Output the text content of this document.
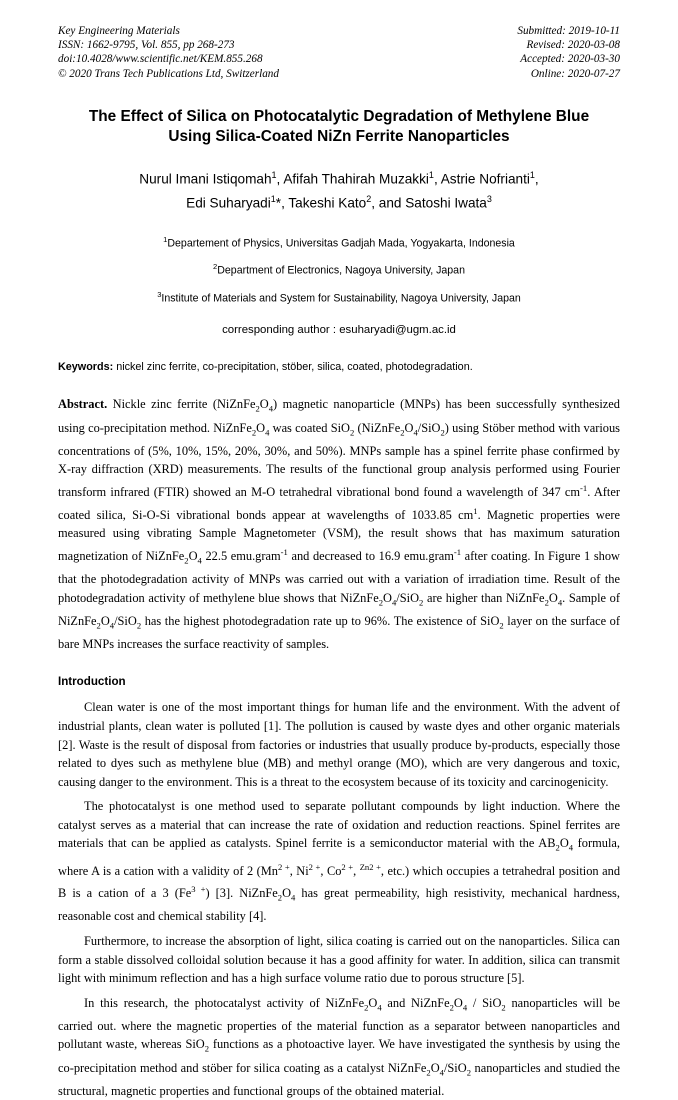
Key Engineering Materials
ISSN: 1662-9795, Vol. 855, pp 268-273
doi:10.4028/www.scientific.net/KEM.855.268
© 2020 Trans Tech Publications Ltd, Switzerland
Submitted: 2019-10-11
Revised: 2020-03-08
Accepted: 2020-03-30
Online: 2020-07-27
The Effect of Silica on Photocatalytic Degradation of Methylene Blue
Using Silica-Coated NiZn Ferrite Nanoparticles
Nurul Imani Istiqomah$^1$, Afifah Thahirah Muzakki$^1$, Astrie Nofrianti$^1$,
Edi Suharyadi$^1$*, Takeshi Kato$^2$, and Satoshi Iwata$^3$
$^1$Departement of Physics, Universitas Gadjah Mada, Yogyakarta, Indonesia
$^2$Department of Electronics, Nagoya University, Japan
$^3$Institute of Materials and System for Sustainability, Nagoya University, Japan
corresponding author : esuharyadi@ugm.ac.id
Keywords: nickel zinc ferrite, co-precipitation, stöber, silica, coated, photodegradation.
Abstract. Nickle zinc ferrite $(NiZnFe_2O_4)$ magnetic nanoparticle (MNPs) has been successfully synthesized using co-precipitation method. $NiZnFe_2O_4$ was coated SiO$_2$ $(NiZnFe_2O_4/SiO_2)$ using Stöber method with various concentrations of (5%, 10%, 15%, 20%, 30%, and 50%). MNPs sample has a spinel ferrite phase confirmed by X-ray diffraction (XRD) measurements. The results of the functional group analysis performed using Fourier transform infrared (FTIR) showed an M-O tetrahedral vibrational bond found a wavelength of 347 $cm^{-1}$. After coated silica, Si-O-Si vibrational bonds appear at wavelengths of 1033.85 $cm^1$. Magnetic properties were measured using vibrating Sample Magnetometer (VSM), the result shows that has maximum saturation magnetization of $NiZnFe_2O_4$ 22.5 emu.gram$^{-1}$ and decreased to 16.9 emu.gram$^{-1}$ after coating. In Figure 1 show that the photodegradation activity of MNPs was carried out with a variation of irradiation time. Result of the photodegradation activity of methylene blue shows that $NiZnFe_2O_4/SiO_2$ are higher than $NiZnFe_2O_4$. Sample of $NiZnFe_2O_4/SiO_2$ has the highest photodegradation rate up to 96%. The existence of SiO$_2$ layer on the surface of bare MNPs increases the surface reactivity of samples.
Introduction
Clean water is one of the most important things for human life and the environment. With the advent of industrial plants, clean water is polluted [1]. The pollution is caused by waste dyes and other organic materials [2]. Waste is the result of disposal from factories or industries that usually produce by-products, especially those related to dyes such as methylene blue (MB) and methyl orange (MO), which are very dangerous and toxic, causing danger to the environment. This is a threat to the ecosystem because of its toxicity and carcinogenicity.
The photocatalyst is one method used to separate pollutant compounds by light induction. Where the catalyst serves as a material that can increase the rate of oxidation and reduction reactions. Spinel ferrites are materials that can be applied as catalysts. Spinel ferrite is a semiconductor material with the $AB_2O_4$ formula, where A is a cation with a validity of 2 ($Mn^{2 +}$, $Ni^{2 +}$, $Co^{2 +}$, $^{Zn2 +}$, etc.) which occupies a tetrahedral position and B is a cation of a 3 $(Fe^{3 +})$ [3]. $NiZnFe_2O_4$ has great permeability, high resistivity, mechanical hardness, reasonable cost and chemical stability [4].
Furthermore, to increase the absorption of light, silica coating is carried out on the nanoparticles. Silica can form a stable dissolved colloidal solution because it has a good affinity for water. In addition, silica can transmit light with minimum reflection and has a high surface volume ratio due to porous structure [5].
In this research, the photocatalyst activity of $NiZnFe_2O_4$ and $NiZnFe_2O_4 / SiO_2$ nanoparticles will be carried out. where the magnetic properties of the material function as a separator between nanoparticles and pollutant waste, whereas SiO$_2$ functions as a photoactive layer. We have investigated the synthesis by using the co-precipitation method and stöber for silica coating as a catalyst $NiZnFe_2O_4/SiO_2$ nanoparticles and studied the structural, magnetic properties and functional groups of the obtained material.
